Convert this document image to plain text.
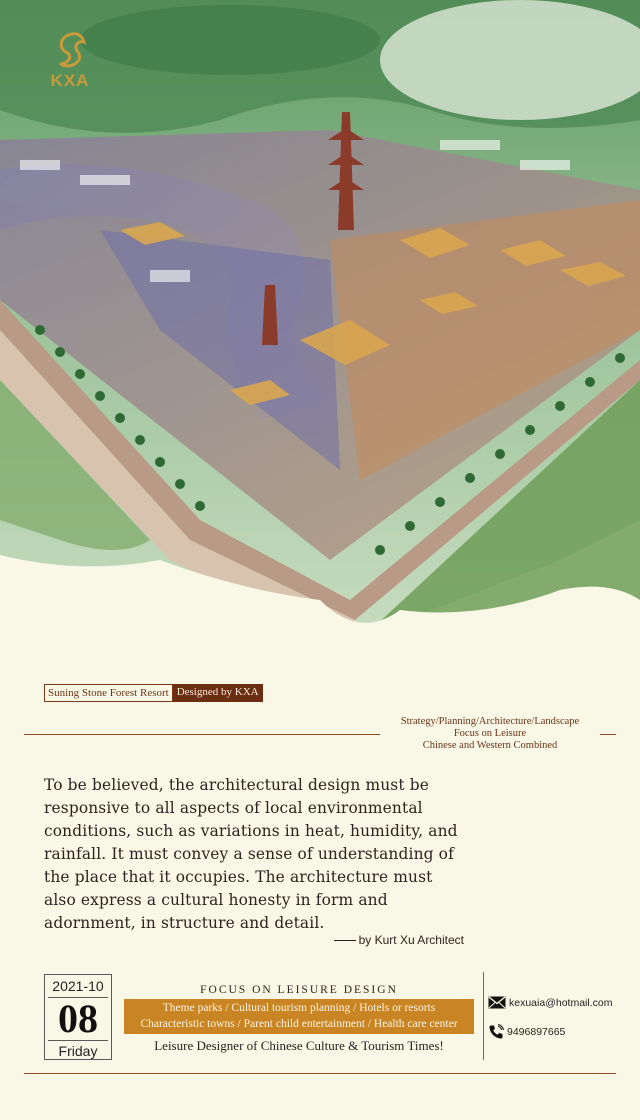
KXA
Suning Stone Forest Resort Designed by KXA
Strategy/Planning/Architecture/Landscape
Focus on Leisure
Chinese and Western Combined

To be believed, the architectural design must be responsive to all aspects of local environmental conditions, such as variations in heat, humidity, and rainfall. It must convey a sense of understanding of the place that it occupies. The architecture must also express a cultural honesty in form and adornment, in structure and detail.

by Kurt Xu Architect
2021-10
08
Friday
FOCUS ON LEISURE DESIGN
Theme parks / Cultural tourism planning / Hotels or resorts
Characteristic towns / Parent child entertainment / Health care center
Leisure Designer of Chinese Culture & Tourism Times!
kexuaia@hotmail.com
9496897665
